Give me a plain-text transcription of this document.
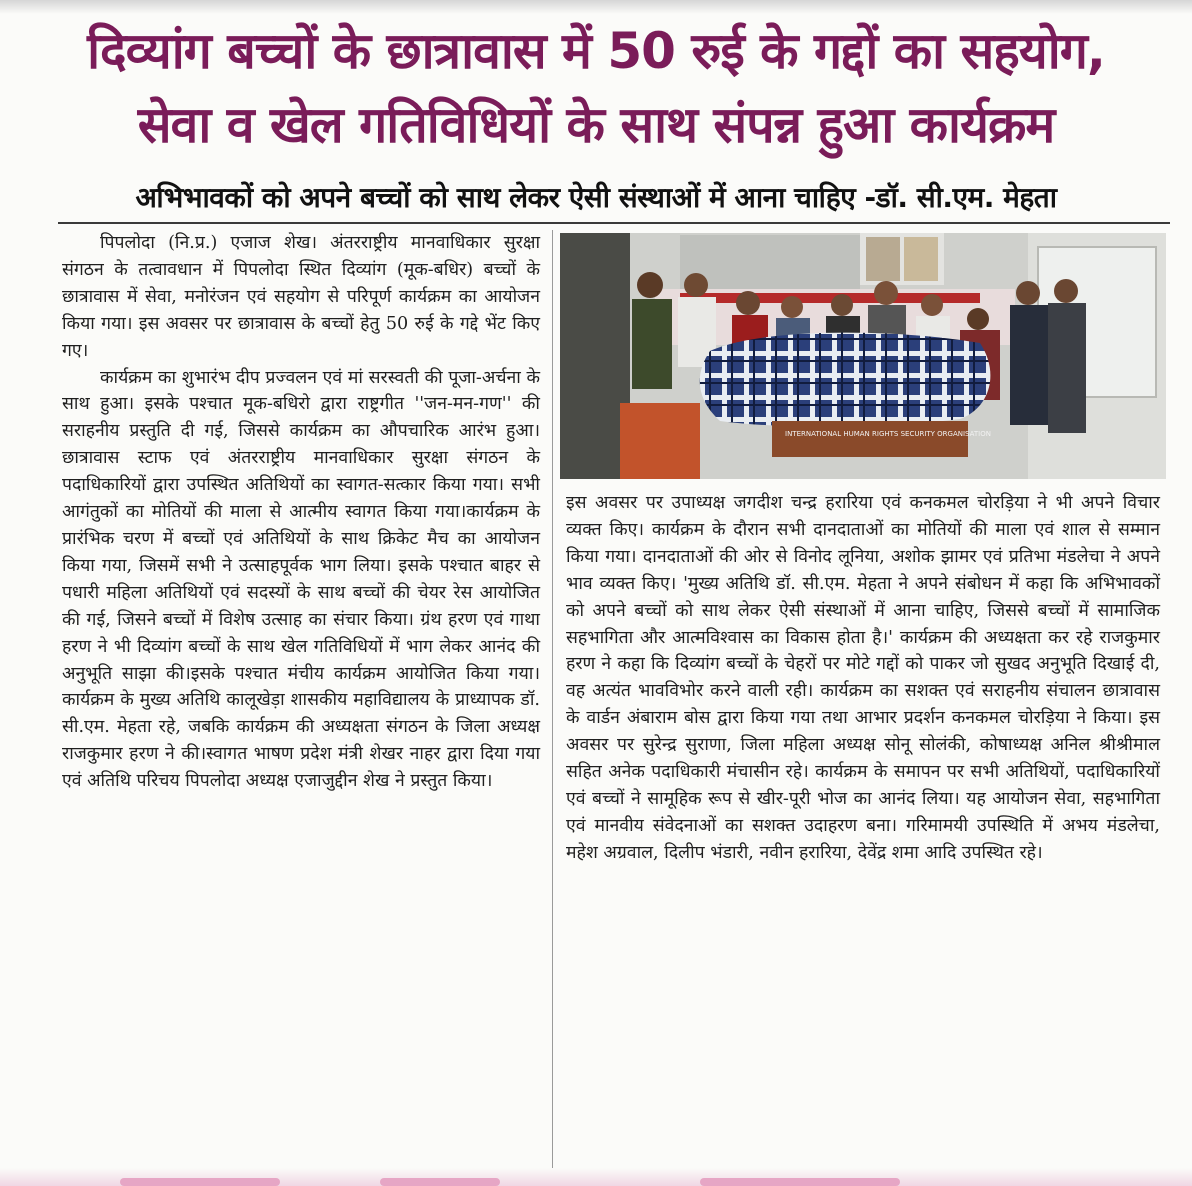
दिव्यांग बच्चों के छात्रावास में 50 रुई के गद्दों का सहयोग,
सेवा व खेल गतिविधियों के साथ संपन्न हुआ कार्यक्रम
अभिभावकों को अपने बच्चों को साथ लेकर ऐसी संस्थाओं में आना चाहिए -डॉ. सी.एम. मेहता

पिपलोदा (नि.प्र.) एजाज शेख। अंतरराष्ट्रीय मानवाधिकार सुरक्षा संगठन के तत्वावधान में पिपलोदा स्थित दिव्यांग (मूक-बधिर) बच्चों के छात्रावास में सेवा, मनोरंजन एवं सहयोग से परिपूर्ण कार्यक्रम का आयोजन किया गया। इस अवसर पर छात्रावास के बच्चों हेतु 50 रुई के गद्दे भेंट किए गए।

कार्यक्रम का शुभारंभ दीप प्रज्वलन एवं मां सरस्वती की पूजा-अर्चना के साथ हुआ। इसके पश्चात मूक-बधिरो द्वारा राष्ट्रगीत ''जन-मन-गण'' की सराहनीय प्रस्तुति दी गई, जिससे कार्यक्रम का औपचारिक आरंभ हुआ।छात्रावास स्टाफ एवं अंतरराष्ट्रीय मानवाधिकार सुरक्षा संगठन के पदाधिकारियों द्वारा उपस्थित अतिथियों का स्वागत-सत्कार किया गया। सभी आगंतुकों का मोतियों की माला से आत्मीय स्वागत किया गया।कार्यक्रम के प्रारंभिक चरण में बच्चों एवं अतिथियों के साथ क्रिकेट मैच का आयोजन किया गया, जिसमें सभी ने उत्साहपूर्वक भाग लिया। इसके पश्चात बाहर से पधारी महिला अतिथियों एवं सदस्यों के साथ बच्चों की चेयर रेस आयोजित की गई, जिसने बच्चों में विशेष उत्साह का संचार किया। ग्रंथ हरण एवं गाथा हरण ने भी दिव्यांग बच्चों के साथ खेल गतिविधियों में भाग लेकर आनंद की अनुभूति साझा की।इसके पश्चात मंचीय कार्यक्रम आयोजित किया गया। कार्यक्रम के मुख्य अतिथि कालूखेड़ा शासकीय महाविद्यालय के प्राध्यापक डॉ. सी.एम. मेहता रहे, जबकि कार्यक्रम की अध्यक्षता संगठन के जिला अध्यक्ष राजकुमार हरण ने की।स्वागत भाषण प्रदेश मंत्री शेखर नाहर द्वारा दिया गया एवं अतिथि परिचय पिपलोदा अध्यक्ष एजाजुद्दीन शेख ने प्रस्तुत किया।

INTERNATIONAL HUMAN RIGHTS SECURITY ORGANISATION

इस अवसर पर उपाध्यक्ष जगदीश चन्द्र हरारिया एवं कनकमल चोरड़िया ने भी अपने विचार व्यक्त किए। कार्यक्रम के दौरान सभी दानदाताओं का मोतियों की माला एवं शाल से सम्मान किया गया। दानदाताओं की ओर से विनोद लूनिया, अशोक झामर एवं प्रतिभा मंडलेचा ने अपने भाव व्यक्त किए। 'मुख्य अतिथि डॉ. सी.एम. मेहता ने अपने संबोधन में कहा कि अभिभावकों को अपने बच्चों को साथ लेकर ऐसी संस्थाओं में आना चाहिए, जिससे बच्चों में सामाजिक सहभागिता और आत्मविश्वास का विकास होता है।' कार्यक्रम की अध्यक्षता कर रहे राजकुमार हरण ने कहा कि दिव्यांग बच्चों के चेहरों पर मोटे गद्दों को पाकर जो सुखद अनुभूति दिखाई दी, वह अत्यंत भावविभोर करने वाली रही। कार्यक्रम का सशक्त एवं सराहनीय संचालन छात्रावास के वार्डन अंबाराम बोस द्वारा किया गया तथा आभार प्रदर्शन कनकमल चोरड़िया ने किया। इस अवसर पर सुरेन्द्र सुराणा, जिला महिला अध्यक्ष सोनू सोलंकी, कोषाध्यक्ष अनिल श्रीश्रीमाल सहित अनेक पदाधिकारी मंचासीन रहे। कार्यक्रम के समापन पर सभी अतिथियों, पदाधिकारियों एवं बच्चों ने सामूहिक रूप से खीर-पूरी भोज का आनंद लिया। यह आयोजन सेवा, सहभागिता एवं मानवीय संवेदनाओं का सशक्त उदाहरण बना। गरिमामयी उपस्थिति में अभय मंडलेचा, महेश अग्रवाल, दिलीप भंडारी, नवीन हरारिया, देवेंद्र शमा आदि उपस्थित रहे।
